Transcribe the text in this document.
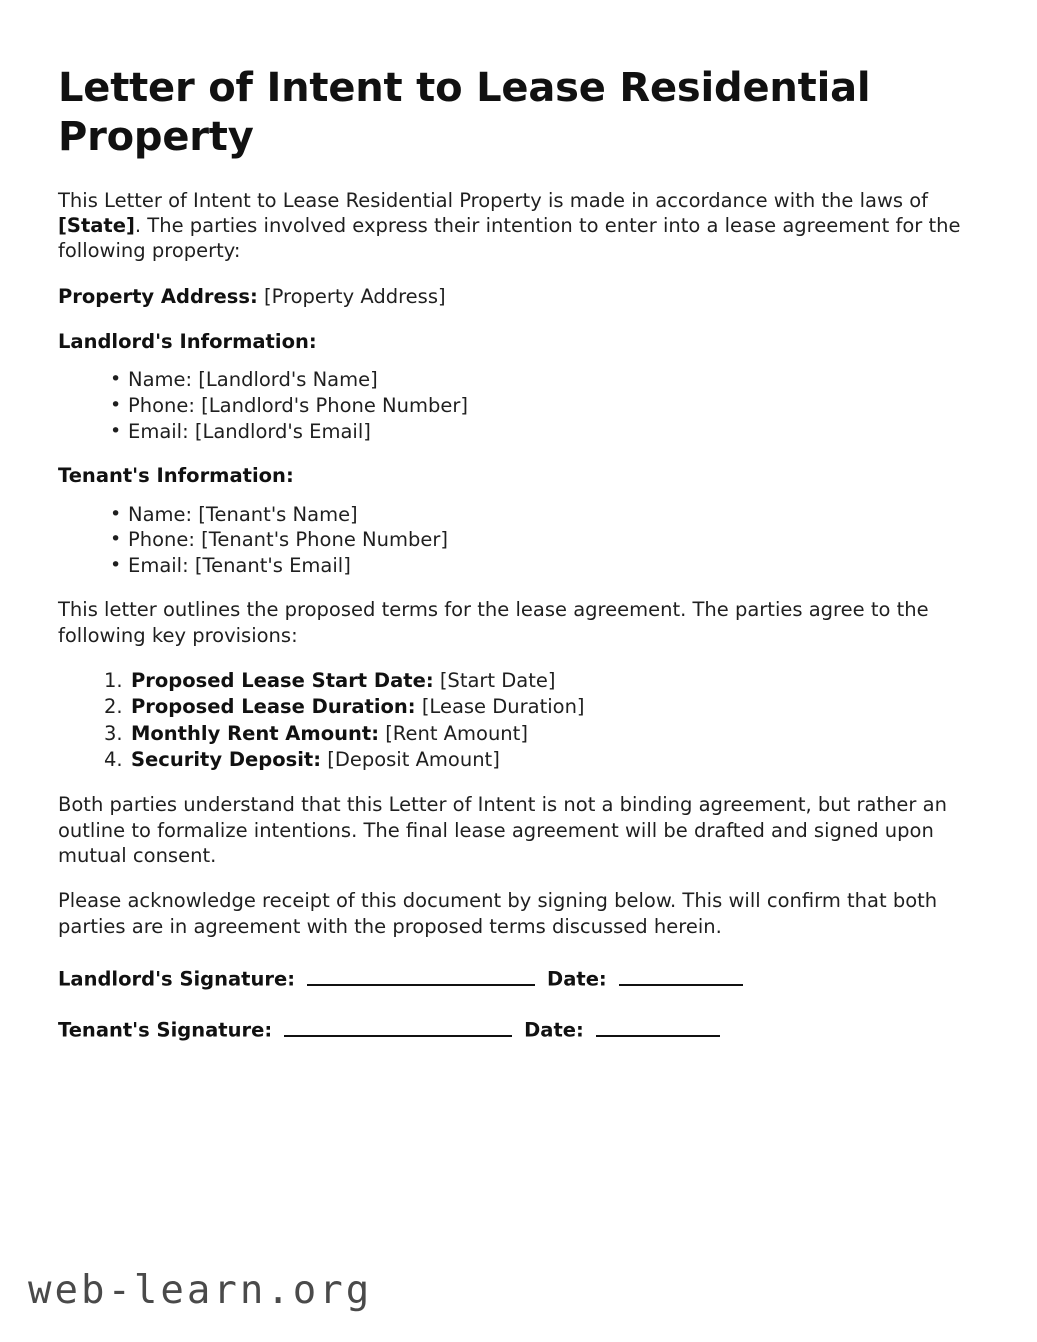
Letter of Intent to Lease Residential Property

This Letter of Intent to Lease Residential Property is made in accordance with the laws of [State]. The parties involved express their intention to enter into a lease agreement for the following property:

Property Address: [Property Address]

Landlord's Information:
• Name: [Landlord's Name]
• Phone: [Landlord's Phone Number]
• Email: [Landlord's Email]
Tenant's Information:
• Name: [Tenant's Name]
• Phone: [Tenant's Phone Number]
• Email: [Tenant's Email]

This letter outlines the proposed terms for the lease agreement. The parties agree to the following key provisions:

Proposed Lease Start Date: [Start Date]
Proposed Lease Duration: [Lease Duration]
Monthly Rent Amount: [Rent Amount]
Security Deposit: [Deposit Amount]

Both parties understand that this Letter of Intent is not a binding agreement, but rather an outline to formalize intentions. The final lease agreement will be drafted and signed upon mutual consent.

Please acknowledge receipt of this document by signing below. This will confirm that both parties are in agreement with the proposed terms discussed herein.

Landlord's Signature:	Date:
Tenant's Signature:	Date:
web-learn.org
